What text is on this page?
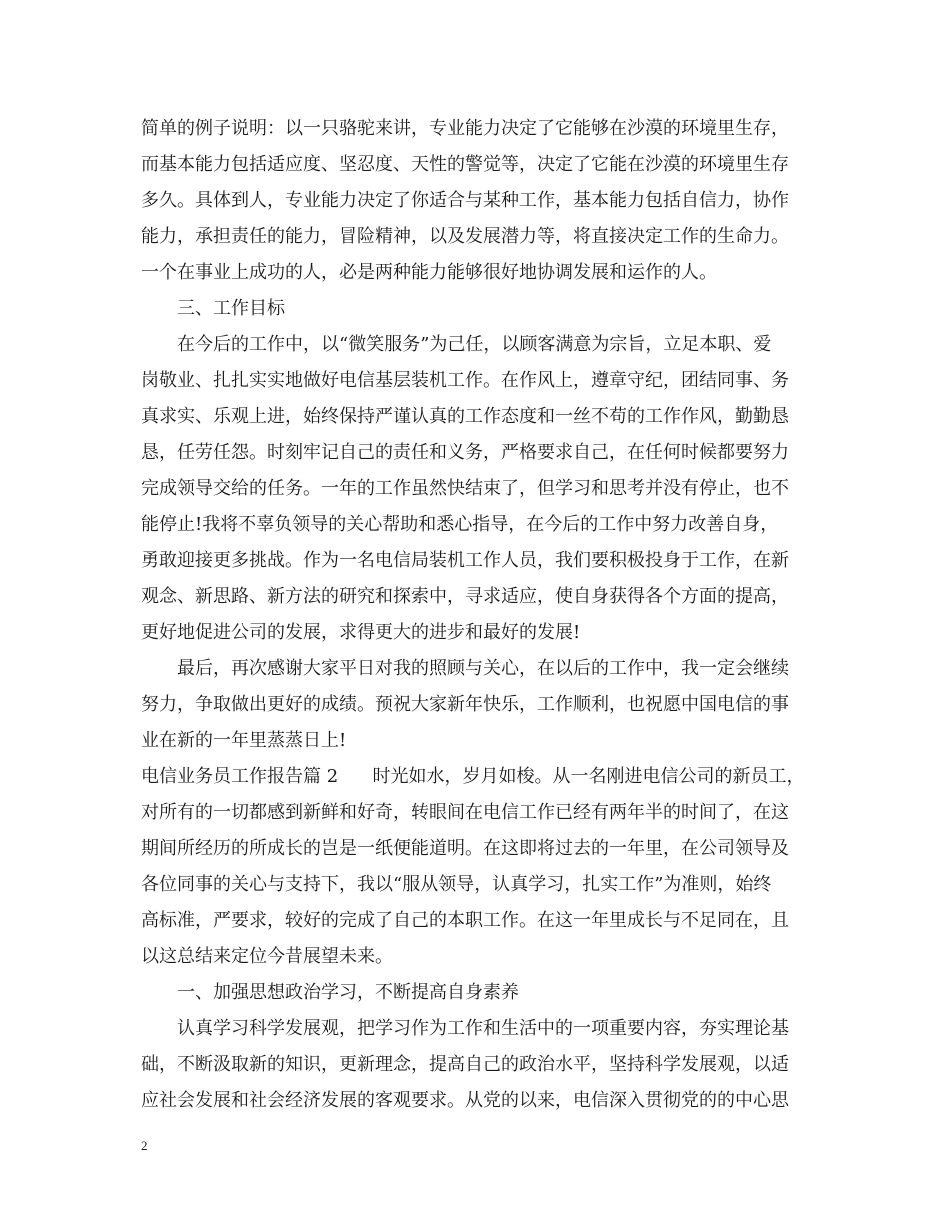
简单的例子说明：以一只骆驼来讲，专业能力决定了它能够在沙漠的环境里生存，
而基本能力包括适应度、坚忍度、天性的警觉等，决定了它能在沙漠的环境里生存
多久。具体到人，专业能力决定了你适合与某种工作，基本能力包括自信力，协作
能力，承担责任的能力，冒险精神，以及发展潜力等，将直接决定工作的生命力。
一个在事业上成功的人，必是两种能力能够很好地协调发展和运作的人。
三、工作目标
在今后的工作中，以“微笑服务”为己任，以顾客满意为宗旨，立足本职、爱
岗敬业、扎扎实实地做好电信基层装机工作。在作风上，遵章守纪，团结同事、务
真求实、乐观上进，始终保持严谨认真的工作态度和一丝不苟的工作作风，勤勤恳
恳，任劳任怨。时刻牢记自己的责任和义务，严格要求自己，在任何时候都要努力
完成领导交给的任务。一年的工作虽然快结束了，但学习和思考并没有停止，也不
能停止!我将不辜负领导的关心帮助和悉心指导，在今后的工作中努力改善自身，
勇敢迎接更多挑战。作为一名电信局装机工作人员，我们要积极投身于工作，在新
观念、新思路、新方法的研究和探索中，寻求适应，使自身获得各个方面的提高，
更好地促进公司的发展，求得更大的进步和最好的发展!
最后，再次感谢大家平日对我的照顾与关心，在以后的工作中，我一定会继续
努力，争取做出更好的成绩。预祝大家新年快乐，工作顺利，也祝愿中国电信的事
业在新的一年里蒸蒸日上!
电信业务员工作报告篇 2      时光如水，岁月如梭。从一名刚进电信公司的新员工，
对所有的一切都感到新鲜和好奇，转眼间在电信工作已经有两年半的时间了，在这
期间所经历的所成长的岂是一纸便能道明。在这即将过去的一年里，在公司领导及
各位同事的关心与支持下，我以“服从领导，认真学习，扎实工作”为准则，始终
高标准，严要求，较好的完成了自己的本职工作。在这一年里成长与不足同在，且
以这总结来定位今昔展望未来。
一、加强思想政治学习，不断提高自身素养
认真学习科学发展观，把学习作为工作和生活中的一项重要内容，夯实理论基
础，不断汲取新的知识，更新理念，提高自己的政治水平，坚持科学发展观，以适
应社会发展和社会经济发展的客观要求。从党的以来，电信深入贯彻党的的中心思
2
